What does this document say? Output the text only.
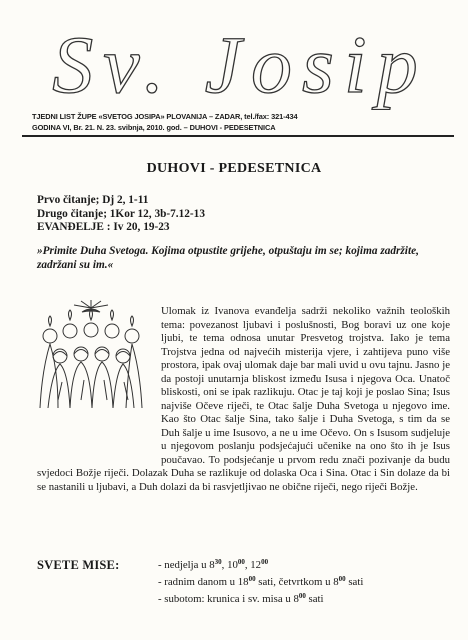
Sv. Josip
TJEDNI LIST ŽUPE «SVETOG JOSIPA» PLOVANIJA – ZADAR, tel./fax: 321-434
GODINA VI, Br. 21. N. 23. svibnja, 2010. god. – DUHOVI - PEDESETNICA
DUHOVI - PEDESETNICA
Prvo čitanje; Dj 2, 1-11
Drugo čitanje; 1Kor 12, 3b-7.12-13
EVANĐELJE : Iv 20, 19-23
»Primite Duha Svetoga. Kojima otpustite grijehe, otpuštaju im se; kojima zadržite, zadržani su im.«

Ulomak iz Ivanova evanđelja sadrži nekoliko važnih teoloških tema: povezanost ljubavi i poslušnosti, Bog boravi uz one koje ljubi, te tema odnosa unutar Presvetog trojstva. Iako je tema Trojstva jedna od najvećih misterija vjere, i zahtijeva puno više prostora, ipak ovaj ulomak daje bar mali uvid u ovu tajnu. Jasno je da postoji unutarnja bliskost između Isusa i njegova Oca. Unatoč bliskosti, oni se ipak razlikuju. Otac je taj koji je poslao Sina; Isus najviše Očeve riječi, te Otac šalje Duha Svetoga u njegovo ime. Kao što Otac šalje Sina, tako šalje i Duha Svetoga, s tim da se Duh šalje u ime Isusovo, a ne u ime Očevo. On s Isusom sudjeluje u njegovom poslanju podsjećajući učenike na ono što ih je Isus poučavao. To podsjećanje u prvom redu znači pozivanje da budu svjedoci Božje riječi. Dolazak Duha se razlikuje od dolaska Oca i Sina. Otac i Sin dolaze da bi se nastanili u ljubavi, a Duh dolazi da bi rasvjetljivao ne obične riječi, nego riječi Božje.

SVETE MISE:	- nedjelja u $8^{30}$, $10^{00}$, $12^{00}$
- radnim danom u $18^{00}$ sati, četvrtkom u $8^{00}$ sati
- subotom: krunica i sv. misa u $8^{00}$ sati
